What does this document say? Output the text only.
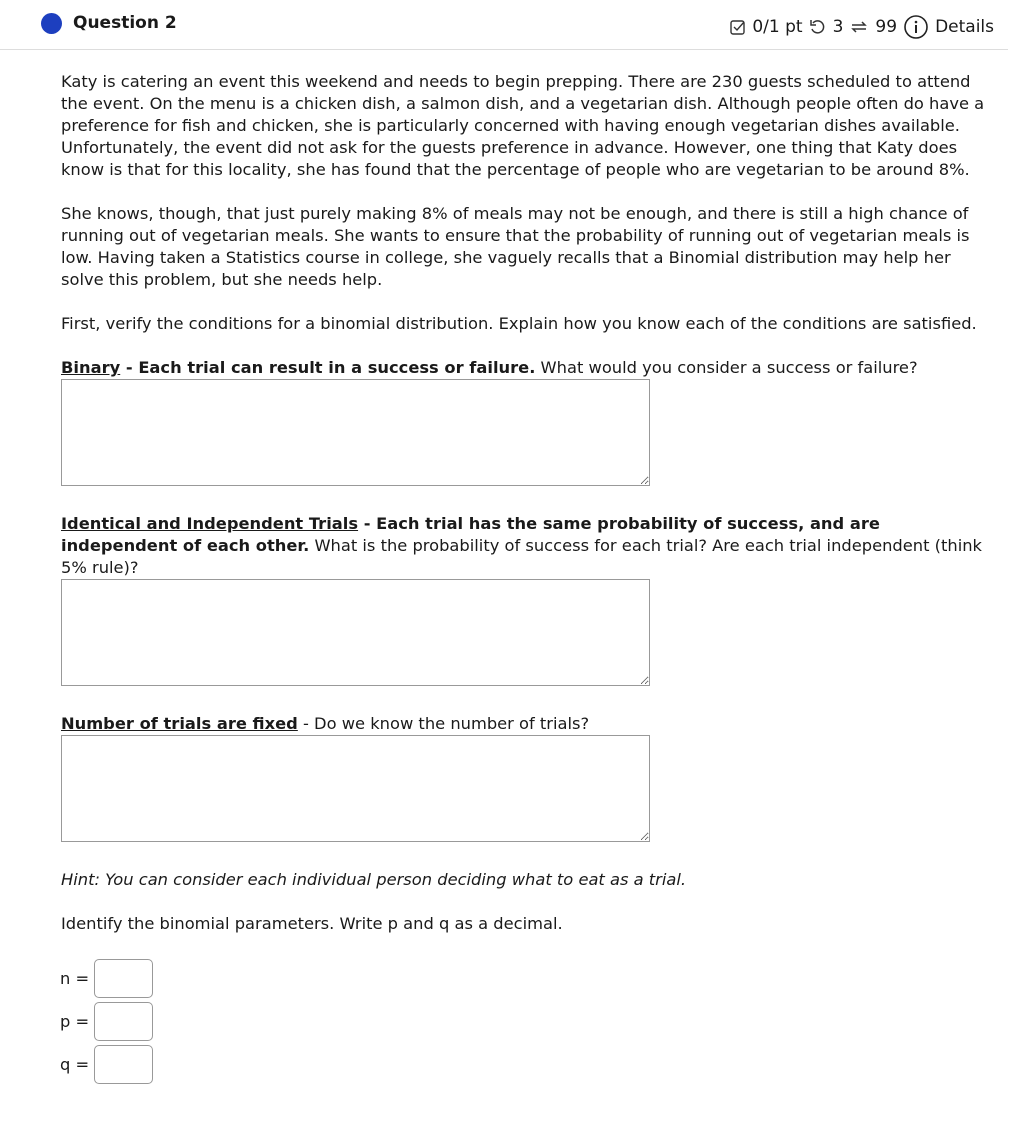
Question 2	0/1 pt 3 99 Details

Katy is catering an event this weekend and needs to begin prepping. There are 230 guests scheduled to attend the event. On the menu is a chicken dish, a salmon dish, and a vegetarian dish. Although people often do have a preference for fish and chicken, she is particularly concerned with having enough vegetarian dishes available. Unfortunately, the event did not ask for the guests preference in advance. However, one thing that Katy does know is that for this locality, she has found that the percentage of people who are vegetarian to be around 8%.

She knows, though, that just purely making 8% of meals may not be enough, and there is still a high chance of running out of vegetarian meals. She wants to ensure that the probability of running out of vegetarian meals is low. Having taken a Statistics course in college, she vaguely recalls that a Binomial distribution may help her solve this problem, but she needs help.

First, verify the conditions for a binomial distribution. Explain how you know each of the conditions are satisfied.

Binary - Each trial can result in a success or failure. What would you consider a success or failure?

Identical and Independent Trials - Each trial has the same probability of success, and are independent of each other. What is the probability of success for each trial? Are each trial independent (think 5% rule)?

Number of trials are fixed - Do we know the number of trials?

Hint: You can consider each individual person deciding what to eat as a trial.

Identify the binomial parameters. Write p and q as a decimal.

n =
p =
q =
